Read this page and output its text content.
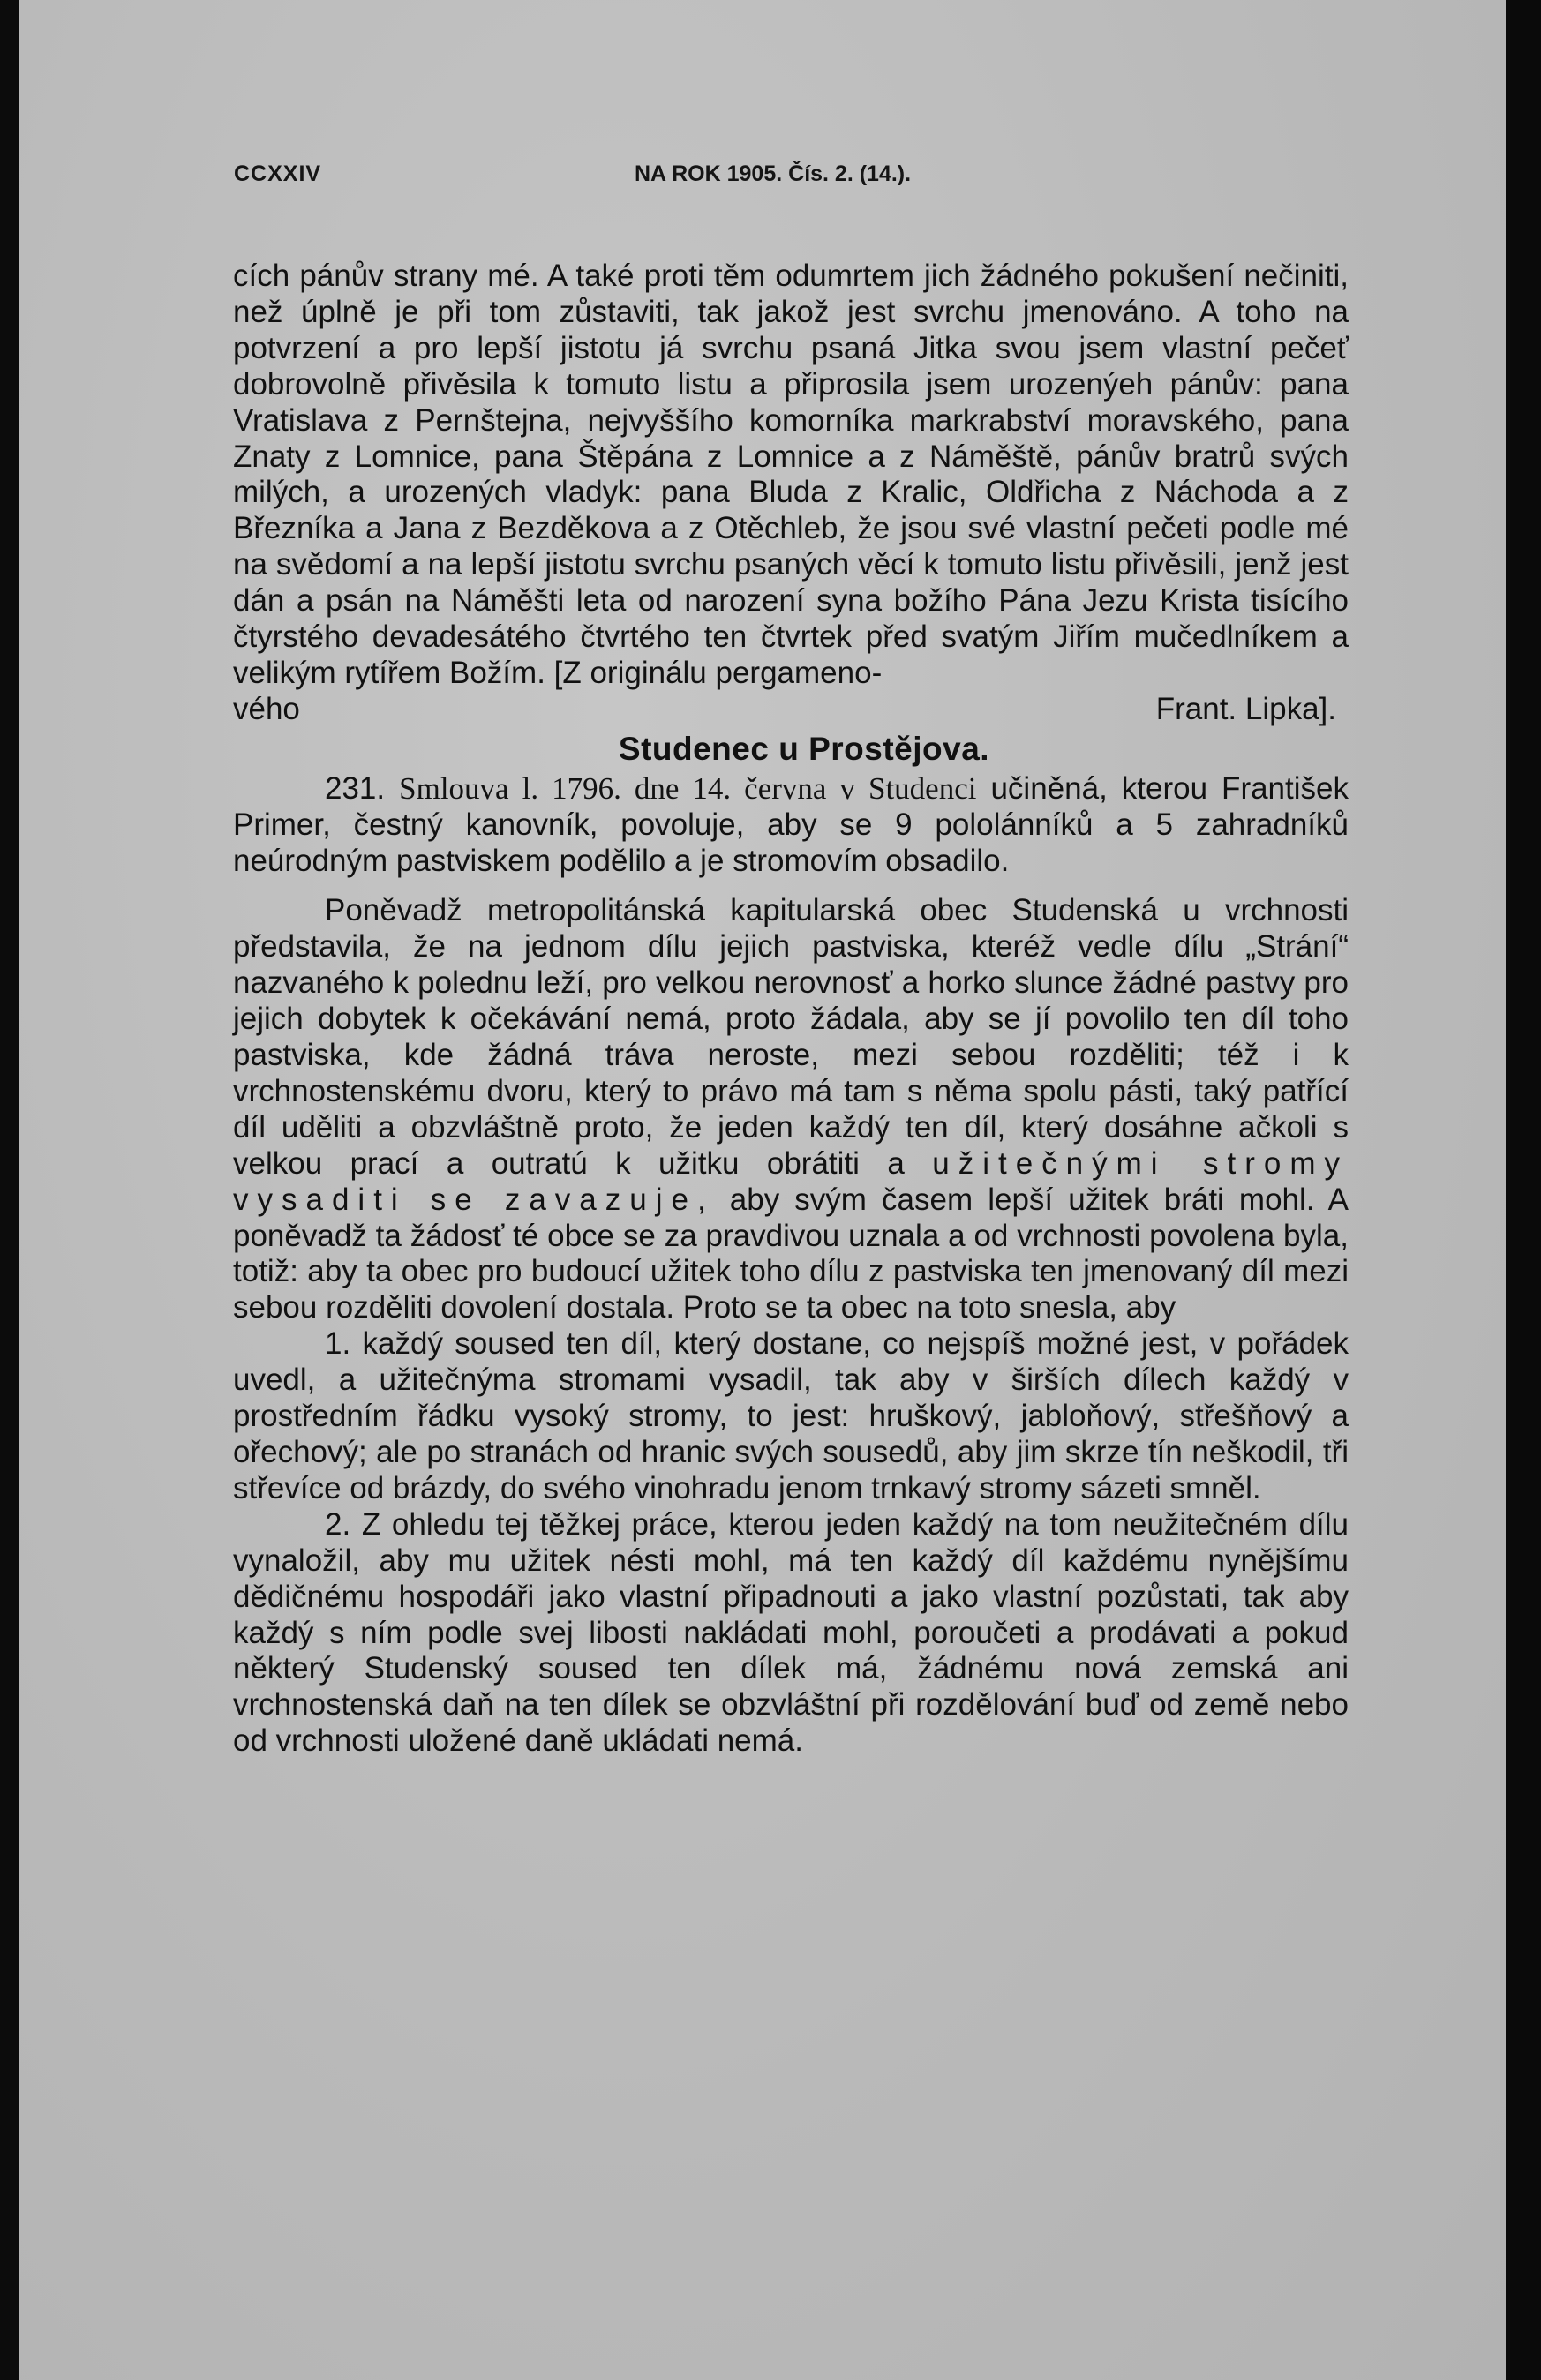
CCXXIV	NA ROK 1905. Čís. 2. (14.).

cích pánův strany mé. A také proti těm odumrtem jich žádného pokušení nečiniti, než úplně je při tom zůstaviti, tak jakož jest svrchu jmenováno. A toho na potvrzení a pro lepší jistotu já svrchu psaná Jitka svou jsem vlastní pečeť dobrovolně přivěsila k tomuto listu a připrosila jsem urozenýeh pánův: pana Vratislava z Pernštejna, nejvyššího komorníka markrabství moravského, pana Znaty z Lomnice, pana Štěpána z Lomnice a z Náměště, pánův bratrů svých milých, a urozených vladyk: pana Bluda z Kralic, Oldřicha z Náchoda a z Březníka a Jana z Bezděkova a z Otěchleb, že jsou své vlastní pečeti podle mé na svědomí a na lepší jistotu svrchu psaných věcí k tomuto listu přivěsili, jenž jest dán a psán na Náměšti leta od narození syna božího Pána Jezu Krista tisícího čtyrstého devadesátého čtvrtého ten čtvrtek před svatým Jiřím mučedlníkem a velikým rytířem Božím. [Z originálu pergameno-

vého	Frant. Lipka].

Studenec u Prostějova.

231. Smlouva l. 1796. dne 14. června v Studenci učiněná, kterou František Primer, čestný kanovník, povoluje, aby se 9 pololánníků a 5 zahradníků neúrodným pastviskem podělilo a je stromovím obsadilo.

Poněvadž metropolitánská kapitularská obec Studenská u vrchnosti představila, že na jednom dílu jejich pastviska, kteréž vedle dílu „Strání“ nazvaného k polednu leží, pro velkou nerovnosť a horko slunce žádné pastvy pro jejich dobytek k očekávání nemá, proto žádala, aby se jí povolilo ten díl toho pastviska, kde žádná tráva neroste, mezi sebou rozděliti; též i k vrchnostenskému dvoru, který to právo má tam s něma spolu pásti, taký patřící díl uděliti a obzvláštně proto, že jeden každý ten díl, který dosáhne ačkoli s velkou prací a outratú k užitku obrátiti a užitečnými stromy vysaditi se zavazuje, aby svým časem lepší užitek bráti mohl. A poněvadž ta žádosť té obce se za pravdivou uznala a od vrchnosti povolena byla, totiž: aby ta obec pro budoucí užitek toho dílu z pastviska ten jmenovaný díl mezi sebou rozděliti dovolení dostala. Proto se ta obec na toto snesla, aby

1. každý soused ten díl, který dostane, co nejspíš možné jest, v pořádek uvedl, a užitečnýma stromami vysadil, tak aby v širších dílech každý v prostředním řádku vysoký stromy, to jest: hruškový, jabloňový, střešňový a ořechový; ale po stranách od hranic svých sousedů, aby jim skrze tín neškodil, tři střevíce od brázdy, do svého vinohradu jenom trnkavý stromy sázeti smněl.

2. Z ohledu tej těžkej práce, kterou jeden každý na tom neužitečném dílu vynaložil, aby mu užitek nésti mohl, má ten každý díl každému nynějšímu dědičnému hospodáři jako vlastní připadnouti a jako vlastní pozůstati, tak aby každý s ním podle svej libosti nakládati mohl, poroučeti a prodávati a pokud některý Studenský soused ten dílek má, žádnému nová zemská ani vrchnostenská daň na ten dílek se obzvláštní při rozdělování buď od země nebo od vrchnosti uložené daně ukládati nemá.
